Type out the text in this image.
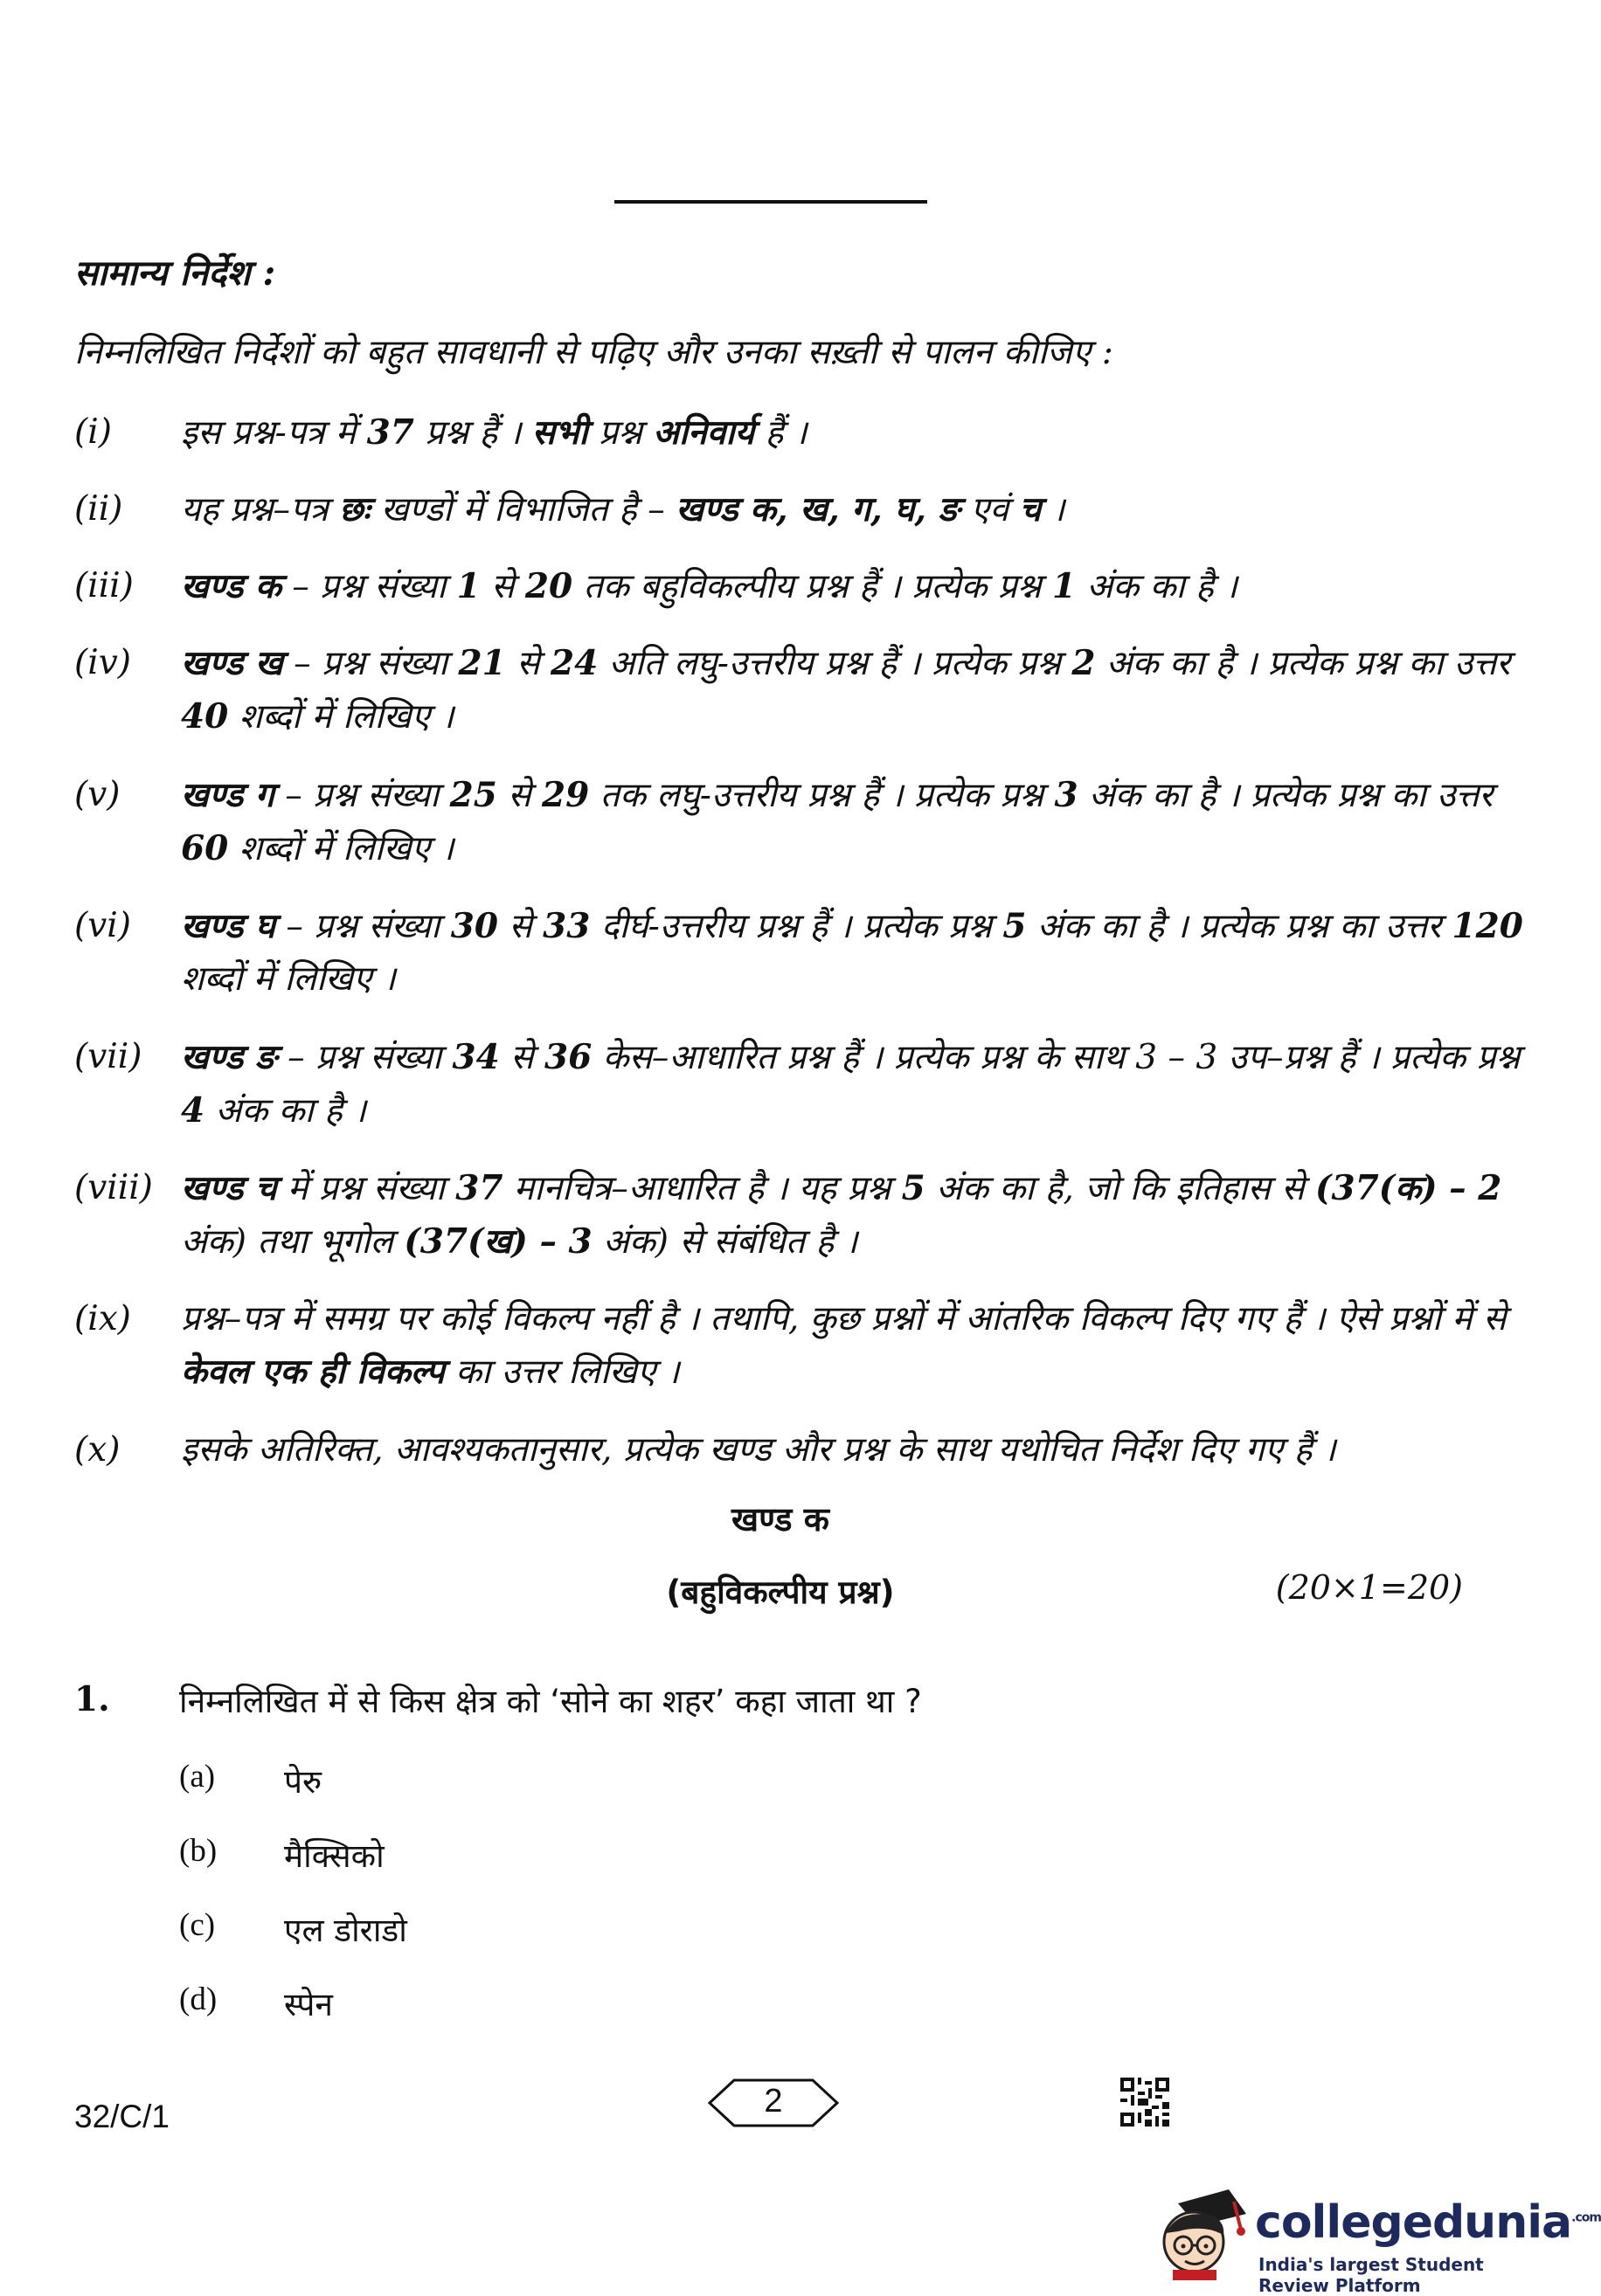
सामान्य निर्देश :
निम्नलिखित निर्देशों को बहुत सावधानी से पढ़िए और उनका सख़्ती से पालन कीजिए :
(i) इस प्रश्न-पत्र में 37 प्रश्न हैं । सभी प्रश्न अनिवार्य हैं ।
(ii) यह प्रश्न–पत्र छः खण्डों में विभाजित है – खण्ड क, ख, ग, घ, ङ एवं च ।
(iii) खण्ड क – प्रश्न संख्या 1 से 20 तक बहुविकल्पीय प्रश्न हैं । प्रत्येक प्रश्न 1 अंक का है ।
(iv) खण्ड ख – प्रश्न संख्या 21 से 24 अति लघु-उत्तरीय प्रश्न हैं । प्रत्येक प्रश्न 2 अंक का है । प्रत्येक प्रश्न का उत्तर 40 शब्दों में लिखिए ।
(v) खण्ड ग – प्रश्न संख्या 25 से 29 तक लघु-उत्तरीय प्रश्न हैं । प्रत्येक प्रश्न 3 अंक का है । प्रत्येक प्रश्न का उत्तर 60 शब्दों में लिखिए ।
(vi) खण्ड घ – प्रश्न संख्या 30 से 33 दीर्घ-उत्तरीय प्रश्न हैं । प्रत्येक प्रश्न 5 अंक का है । प्रत्येक प्रश्न का उत्तर 120 शब्दों में लिखिए ।
(vii) खण्ड ङ – प्रश्न संख्या 34 से 36 केस–आधारित प्रश्न हैं । प्रत्येक प्रश्न के साथ 3 – 3 उप–प्रश्न हैं । प्रत्येक प्रश्न 4 अंक का है ।
(viii) खण्ड च में प्रश्न संख्या 37 मानचित्र–आधारित है । यह प्रश्न 5 अंक का है, जो कि इतिहास से (37(क) – 2 अंक) तथा भूगोल (37(ख) – 3 अंक) से संबंधित है ।
(ix) प्रश्न–पत्र में समग्र पर कोई विकल्प नहीं है । तथापि, कुछ प्रश्नों में आंतरिक विकल्प दिए गए हैं । ऐसे प्रश्नों में से केवल एक ही विकल्प का उत्तर लिखिए ।
(x) इसके अतिरिक्त, आवश्यकतानुसार, प्रत्येक खण्ड और प्रश्न के साथ यथोचित निर्देश दिए गए हैं ।
खण्ड क
(बहुविकल्पीय प्रश्न)	(20×1=20)
1. निम्नलिखित में से किस क्षेत्र को ‘सोने का शहर’ कहा जाता था ?
(a) पेरु
(b) मैक्सिको
(c) एल डोराडो
(d) स्पेन
32/C/1	2
collegedunia$^{.com}$
India's largest Student Review Platform
